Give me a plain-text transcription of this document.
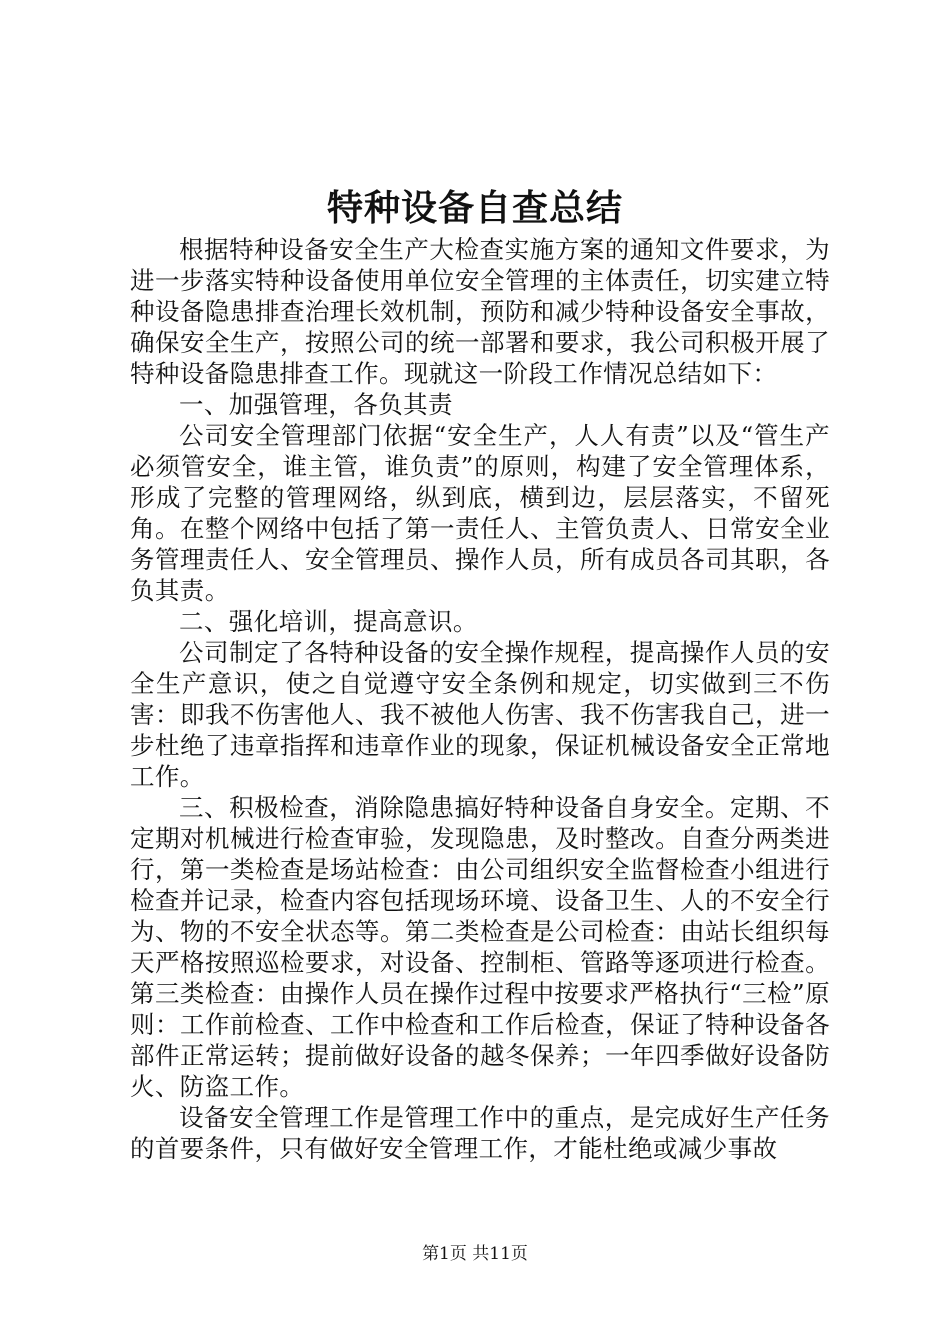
特种设备自查总结

根据特种设备安全生产大检查实施方案的通知文件要求，为进一步落实特种设备使用单位安全管理的主体责任，切实建立特种设备隐患排查治理长效机制，预防和减少特种设备安全事故，确保安全生产，按照公司的统一部署和要求，我公司积极开展了特种设备隐患排查工作。现就这一阶段工作情况总结如下：

一、加强管理，各负其责

公司安全管理部门依据“安全生产，人人有责”以及“管生产必须管安全，谁主管，谁负责”的原则，构建了安全管理体系，形成了完整的管理网络，纵到底，横到边，层层落实，不留死角。在整个网络中包括了第一责任人、主管负责人、日常安全业务管理责任人、安全管理员、操作人员，所有成员各司其职，各负其责。

二、强化培训，提高意识。

公司制定了各特种设备的安全操作规程，提高操作人员的安全生产意识，使之自觉遵守安全条例和规定，切实做到三不伤害：即我不伤害他人、我不被他人伤害、我不伤害我自己，进一步杜绝了违章指挥和违章作业的现象，保证机械设备安全正常地工作。

三、积极检查，消除隐患搞好特种设备自身安全。定期、不定期对机械进行检查审验，发现隐患，及时整改。自查分两类进行，第一类检查是场站检查：由公司组织安全监督检查小组进行检查并记录，检查内容包括现场环境、设备卫生、人的不安全行为、物的不安全状态等。第二类检查是公司检查：由站长组织每天严格按照巡检要求，对设备、控制柜、管路等逐项进行检查。第三类检查：由操作人员在操作过程中按要求严格执行“三检”原则：工作前检查、工作中检查和工作后检查，保证了特种设备各部件正常运转；提前做好设备的越冬保养；一年四季做好设备防火、防盗工作。

设备安全管理工作是管理工作中的重点，是完成好生产任务的首要条件，只有做好安全管理工作，才能杜绝或减少事故

第1页 共11页
